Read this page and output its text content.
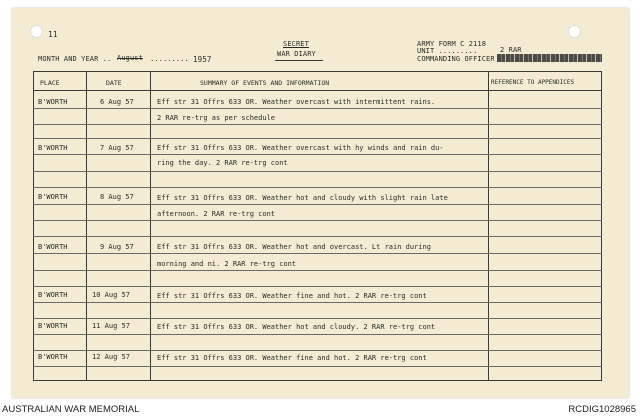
11
MONTH AND YEAR .. August ......... 1957
SECRET
WAR DIARY
ARMY FORM C 2118
UNIT .........	2 RAR
COMMANDING OFFICER
PLACE	DATE	SUMMARY OF EVENTS AND INFORMATION	REFERENCE TO APPENDICES
B'WORTH	6 Aug 57	Eff str 31 Offrs 633 OR. Weather overcast with intermittent rains.
2 RAR re-trg as per schedule
B'WORTH	7 Aug 57	Eff str 31 Offrs 633 OR. Weather overcast with hy winds and rain du-
ring the day. 2 RAR re-trg cont
B'WORTH	8 Aug 57	Eff str 31 Offrs 633 OR. Weather hot and cloudy with slight rain late
afternoon. 2 RAR re-trg cont
B'WORTH	9 Aug 57	Eff str 31 Offrs 633 OR. Weather hot and overcast. Lt rain during
morning and ni. 2 RAR re-trg cont
B'WORTH	10 Aug 57	Eff str 31 Offrs 633 OR. Weather fine and hot. 2 RAR re-trg cont
B'WORTH	11 Aug 57	Eff str 31 Offrs 633 OR. Weather hot and cloudy. 2 RAR re-trg cont
B'WORTH	12 Aug 57	Eff str 31 Offrs 633 OR. Weather fine and hot. 2 RAR re-trg cont
AUSTRALIAN WAR MEMORIAL	RCDIG1028965
